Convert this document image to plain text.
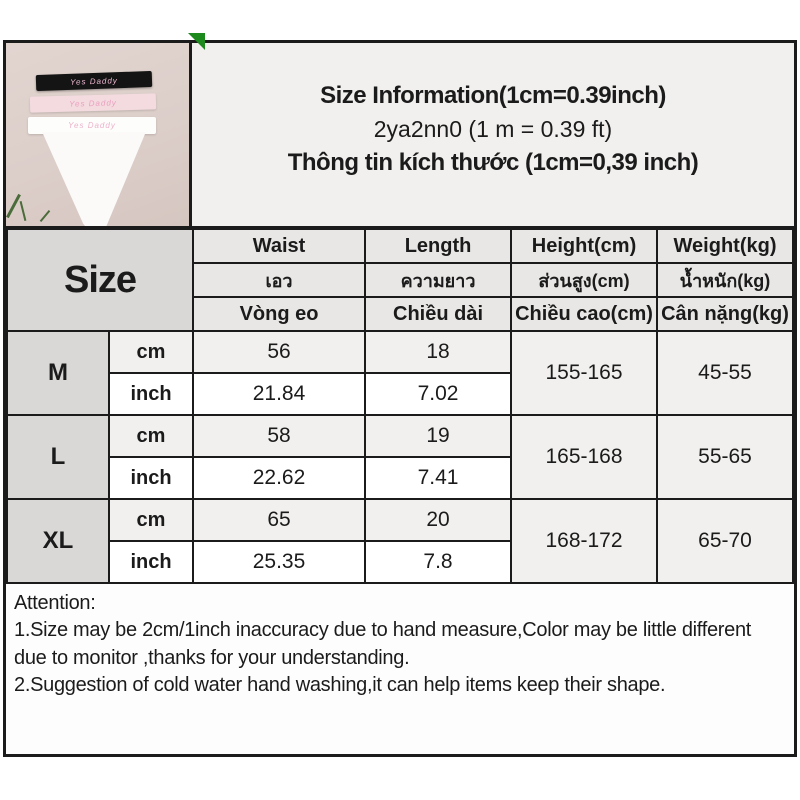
Yes Daddy
Yes Daddy
Yes Daddy
Size Information(1cm=0.39inch)
2ya2nn0 (1 m = 0.39 ft)
Thông tin kích thước (1cm=0,39 inch)
Size		Waist	Length	Height(cm)	Weight(kg)
		เอว	ความยาว	ส่วนสูง(cm)	น้ำหนัก(kg)
		Vòng eo	Chiều dài	Chiều cao(cm)	Cân nặng(kg)
M	cm	56	18	155-165	45-55
	inch	21.84	7.02		
L	cm	58	19	165-168	55-65
	inch	22.62	7.41		
XL	cm	65	20	168-172	65-70
	inch	25.35	7.8		
Attention:
1.Size may be 2cm/1inch inaccuracy due to hand measure,Color may be little different due to monitor ,thanks for your understanding.
2.Suggestion of cold water hand washing,it can help items keep their shape.
